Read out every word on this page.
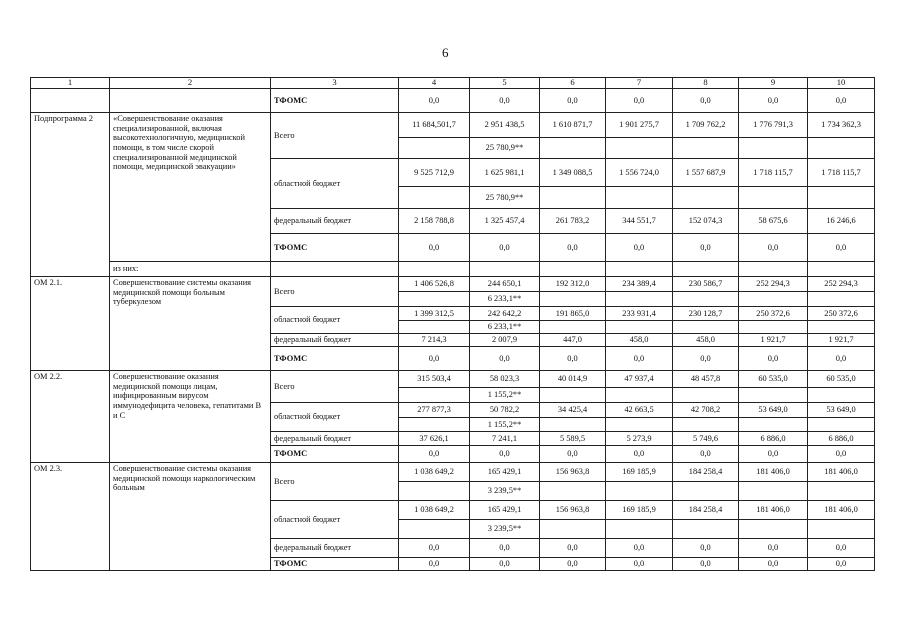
6
1	2	3	4	5	6	7	8	9	10	
		ТФОМС	0,0	0,0	0,0	0,0	0,0	0,0	0,0	
Подпрограмма 2	«Совершенствование оказания специализированной, включая высокотехнологичную, медицинской помощи, в том числе скорой специализированной медицинской помощи, медицинской эвакуации»	Всего	11 684,501,7	2 951 438,5	1 610 871,7	1 901 275,7	1 709 762,2	1 776 791,3	1 734 362,3	
				25 780,9**						
		областной бюджет	9 525 712,9	1 625 981,1	1 349 088,5	1 556 724,0	1 557 687,9	1 718 115,7	1 718 115,7	
				25 780,9**						
		федеральный бюджет	2 158 788,8	1 325 457,4	261 783,2	344 551,7	152 074,3	58 675,6	16 246,6	
		ТФОМС	0,0	0,0	0,0	0,0	0,0	0,0	0,0	

	из них:									
ОМ 2.1.	Совершенствование системы оказания медицинской помощи больным туберкулезом	Всего	1 406 526,8	244 650,1	192 312,0	234 389,4	230 586,7	252 294,3	252 294,3	
				6 233,1**						
		областной бюджет	1 399 312,5	242 642,2	191 865,0	233 931,4	230 128,7	250 372,6	250 372,6	
				6 233,1**						
		федеральный бюджет	7 214,3	2 007,9	447,0	458,0	458,0	1 921,7	1 921,7	
		ТФОМС	0,0	0,0	0,0	0,0	0,0	0,0	0,0	
ОМ 2.2.	Совершенствование оказания медицинской помощи лицам, инфицированным вирусом иммунодефицита человека, гепатитами В и С	Всего	315 503,4	58 023,3	40 014,9	47 937,4	48 457,8	60 535,0	60 535,0	
				1 155,2**						
		областной бюджет	277 877,3	50 782,2	34 425,4	42 663,5	42 708,2	53 649,0	53 649,0	
				1 155,2**						
		федеральный бюджет	37 626,1	7 241,1	5 589,5	5 273,9	5 749,6	6 886,0	6 886,0	
		ТФОМС	0,0	0,0	0,0	0,0	0,0	0,0	0,0	
ОМ 2.3.	Совершенствование системы оказания медицинской помощи наркологическим больным	Всего	1 038 649,2	165 429,1	156 963,8	169 185,9	184 258,4	181 406,0	181 406,0	
				3 239,5**						
		областной бюджет	1 038 649,2	165 429,1	156 963,8	169 185,9	184 258,4	181 406,0	181 406,0	
				3 239,5**						
		федеральный бюджет	0,0	0,0	0,0	0,0	0,0	0,0	0,0	
		ТФОМС	0,0	0,0	0,0	0,0	0,0	0,0	0,0	
